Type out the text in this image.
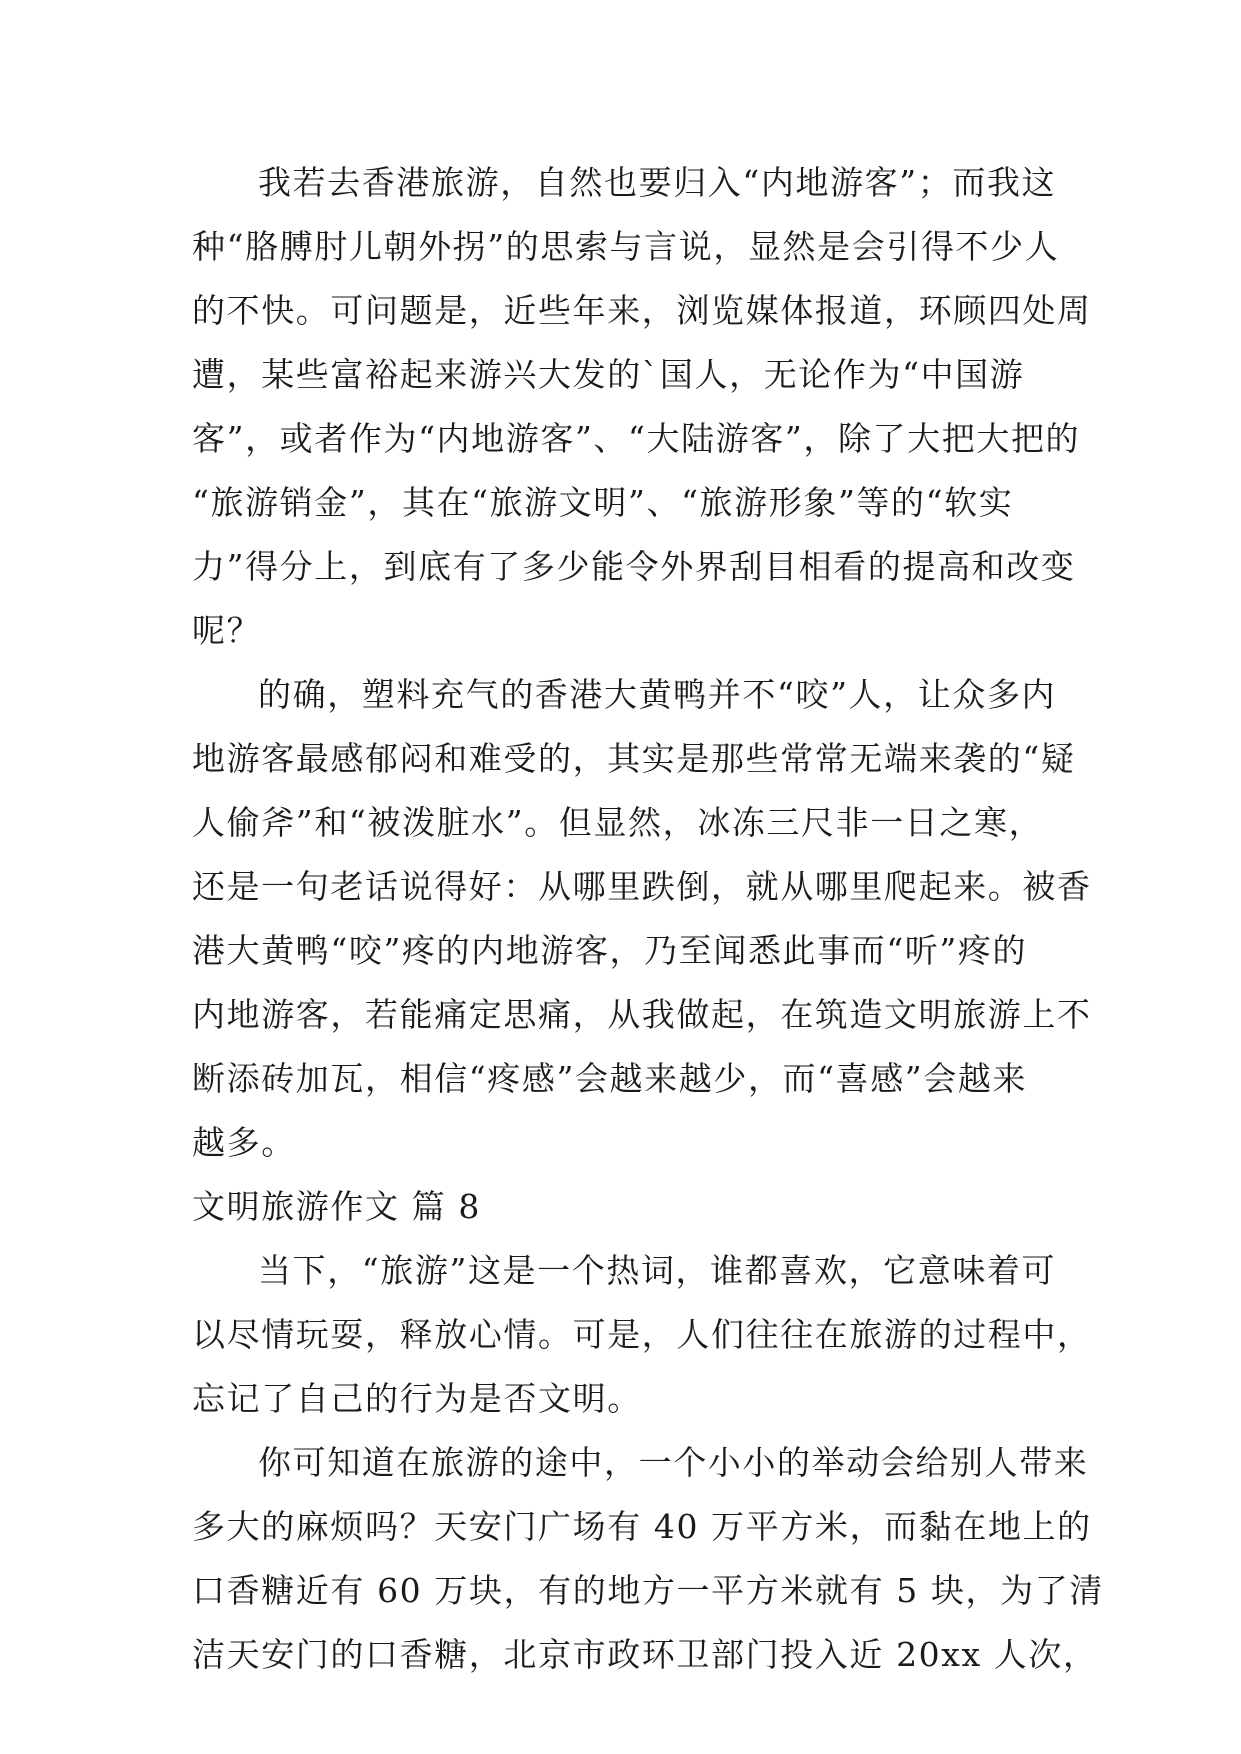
我若去香港旅游，自然也要归入“内地游客”；而我这
种“胳膊肘儿朝外拐”的思索与言说，显然是会引得不少人
的不快。可问题是，近些年来，浏览媒体报道，环顾四处周
遭，某些富裕起来游兴大发的`国人，无论作为“中国游
客”，或者作为“内地游客”、“大陆游客”，除了大把大把的
“旅游销金”，其在“旅游文明”、“旅游形象”等的“软实
力”得分上，到底有了多少能令外界刮目相看的提高和改变
呢？
的确，塑料充气的香港大黄鸭并不“咬”人，让众多内
地游客最感郁闷和难受的，其实是那些常常无端来袭的“疑
人偷斧”和“被泼脏水”。但显然，冰冻三尺非一日之寒，
还是一句老话说得好：从哪里跌倒，就从哪里爬起来。被香
港大黄鸭“咬”疼的内地游客，乃至闻悉此事而“听”疼的
内地游客，若能痛定思痛，从我做起，在筑造文明旅游上不
断添砖加瓦，相信“疼感”会越来越少，而“喜感”会越来
越多。
文明旅游作文 篇 8
当下，“旅游”这是一个热词，谁都喜欢，它意味着可
以尽情玩耍，释放心情。可是，人们往往在旅游的过程中，
忘记了自己的行为是否文明。
你可知道在旅游的途中，一个小小的举动会给别人带来
多大的麻烦吗？天安门广场有 40 万平方米，而黏在地上的
口香糖近有 60 万块，有的地方一平方米就有 5 块，为了清
洁天安门的口香糖，北京市政环卫部门投入近 20xx 人次，
